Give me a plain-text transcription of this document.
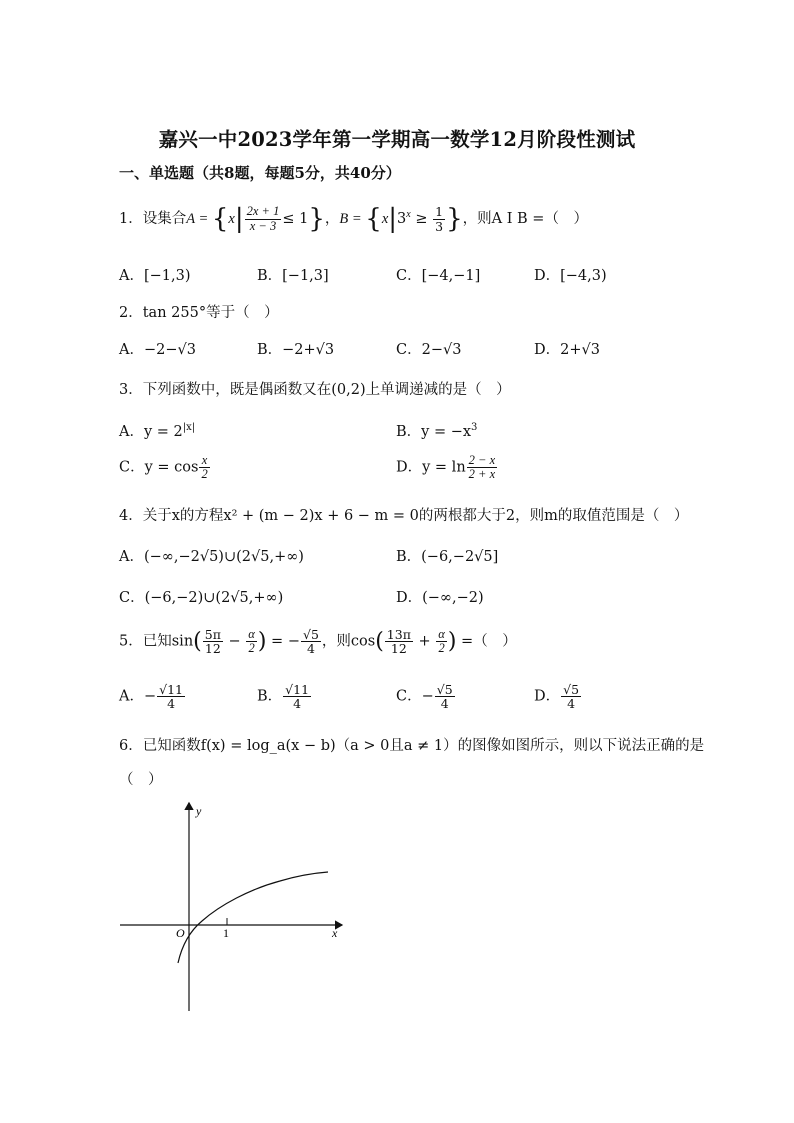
嘉兴一中2023学年第一学期高一数学12月阶段性测试
一、单选题（共8题，每题5分，共40分）
1．设集合$A = \{x| \frac{2x + 1}{x - 3} \le 1\}$，$B = \{x|3^x \ge \frac{1}{3}$ }，则A I B =（　）
A．[−1,3)	B．[−1,3]	C．[−4,−1]	D．[−4,3)
2．tan 255°等于（　）
A．−2−√3	B．−2+√3	C．2−√3	D．2+√3
3．下列函数中，既是偶函数又在(0,2)上单调递减的是（　）
A．$y = 2^{|x|}$	B．$y = -x^3$
C．$y = \cos \frac{x}{2}$	D．$y = \ln \frac{2 - x}{2 + x}$
4．关于x的方程x² + (m − 2)x + 6 − m = 0的两根都大于2，则m的取值范围是（　）
A．(−∞,−2√5)∪(2√5,+∞)	B．(−6,−2√5]
C．(−6,−2)∪(2√5,+∞)	D．(−∞,−2)
5．已知$\sin( \frac{5\pi}{12} - \frac{\alpha}{2}$ ) = − $\frac{√5}{4}$ ，则$\cos( \frac{13\pi}{12} + \frac{\alpha}{2}$ ) =（　）
A．− $\frac{√11}{4}$	B． $\frac{√11}{4}$	C．− $\frac{√5}{4}$	D． $\frac{√5}{4}$
6．已知函数f(x) = log_a(x − b)（a > 0且a ≠ 1）的图像如图所示，则以下说法正确的是
（　）
y
x
O	1
